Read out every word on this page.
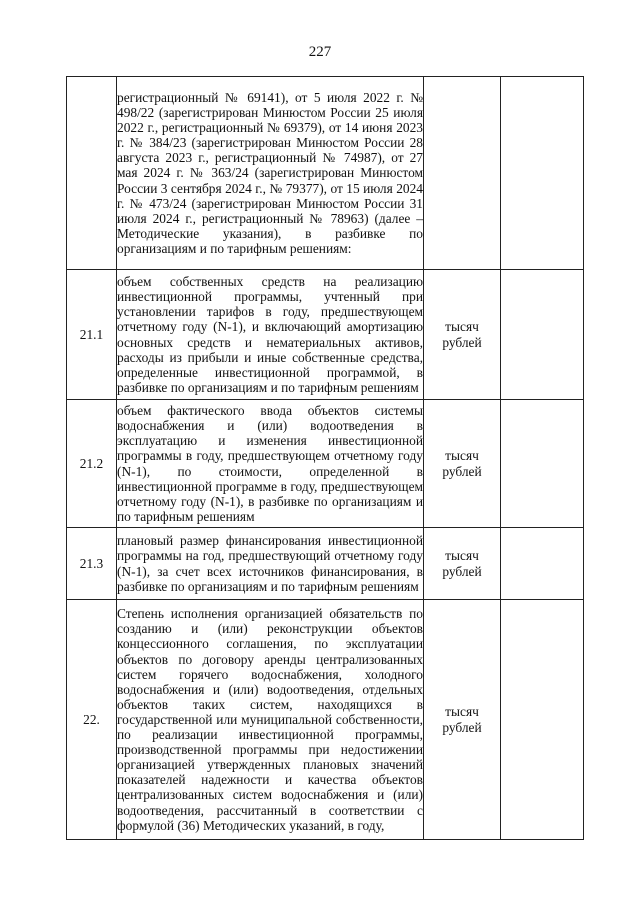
227
	регистрационный № 69141), от 5 июля 2022 г. № 498/22 (зарегистрирован Минюстом России 25 июля 2022 г., регистрационный № 69379), от 14 июня 2023 г. № 384/23 (зарегистрирован Минюстом России 28 августа 2023 г., регистрационный № 74987), от 27 мая 2024 г. № 363/24 (зарегистрирован Минюстом России 3 сентября 2024 г., № 79377), от 15 июля 2024 г. № 473/24 (зарегистрирован Минюстом России 31 июля 2024 г., регистрационный № 78963) (далее – Методические указания), в разбивке по организациям и по тарифным решениям:		
21.1	объем собственных средств на реализацию инвестиционной программы, учтенный при установлении тарифов в году, предшествующем отчетному году (N-1), и включающий амортизацию основных средств и нематериальных активов, расходы из прибыли и иные собственные средства, определенные инвестиционной программой, в разбивке по организациям и по тарифным решениям	тысяч рублей	
21.2	объем фактического ввода объектов системы водоснабжения и (или) водоотведения в эксплуатацию и изменения инвестиционной программы в году, предшествующем отчетному году (N-1), по стоимости, определенной в инвестиционной программе в году, предшествующем отчетному году (N-1), в разбивке по организациям и по тарифным решениям	тысяч рублей	
21.3	плановый размер финансирования инвестиционной программы на год, предшествующий отчетному году (N-1), за счет всех источников финансирования, в разбивке по организациям и по тарифным решениям	тысяч рублей	
22.	Степень исполнения организацией обязательств по созданию и (или) реконструкции объектов концессионного соглашения, по эксплуатации объектов по договору аренды централизованных систем горячего водоснабжения, холодного водоснабжения и (или) водоотведения, отдельных объектов таких систем, находящихся в государственной или муниципальной собственности, по реализации инвестиционной программы, производственной программы при недостижении организацией утвержденных плановых значений показателей надежности и качества объектов централизованных систем водоснабжения и (или) водоотведения, рассчитанный в соответствии с формулой (36) Методических указаний, в году,	тысяч рублей	
